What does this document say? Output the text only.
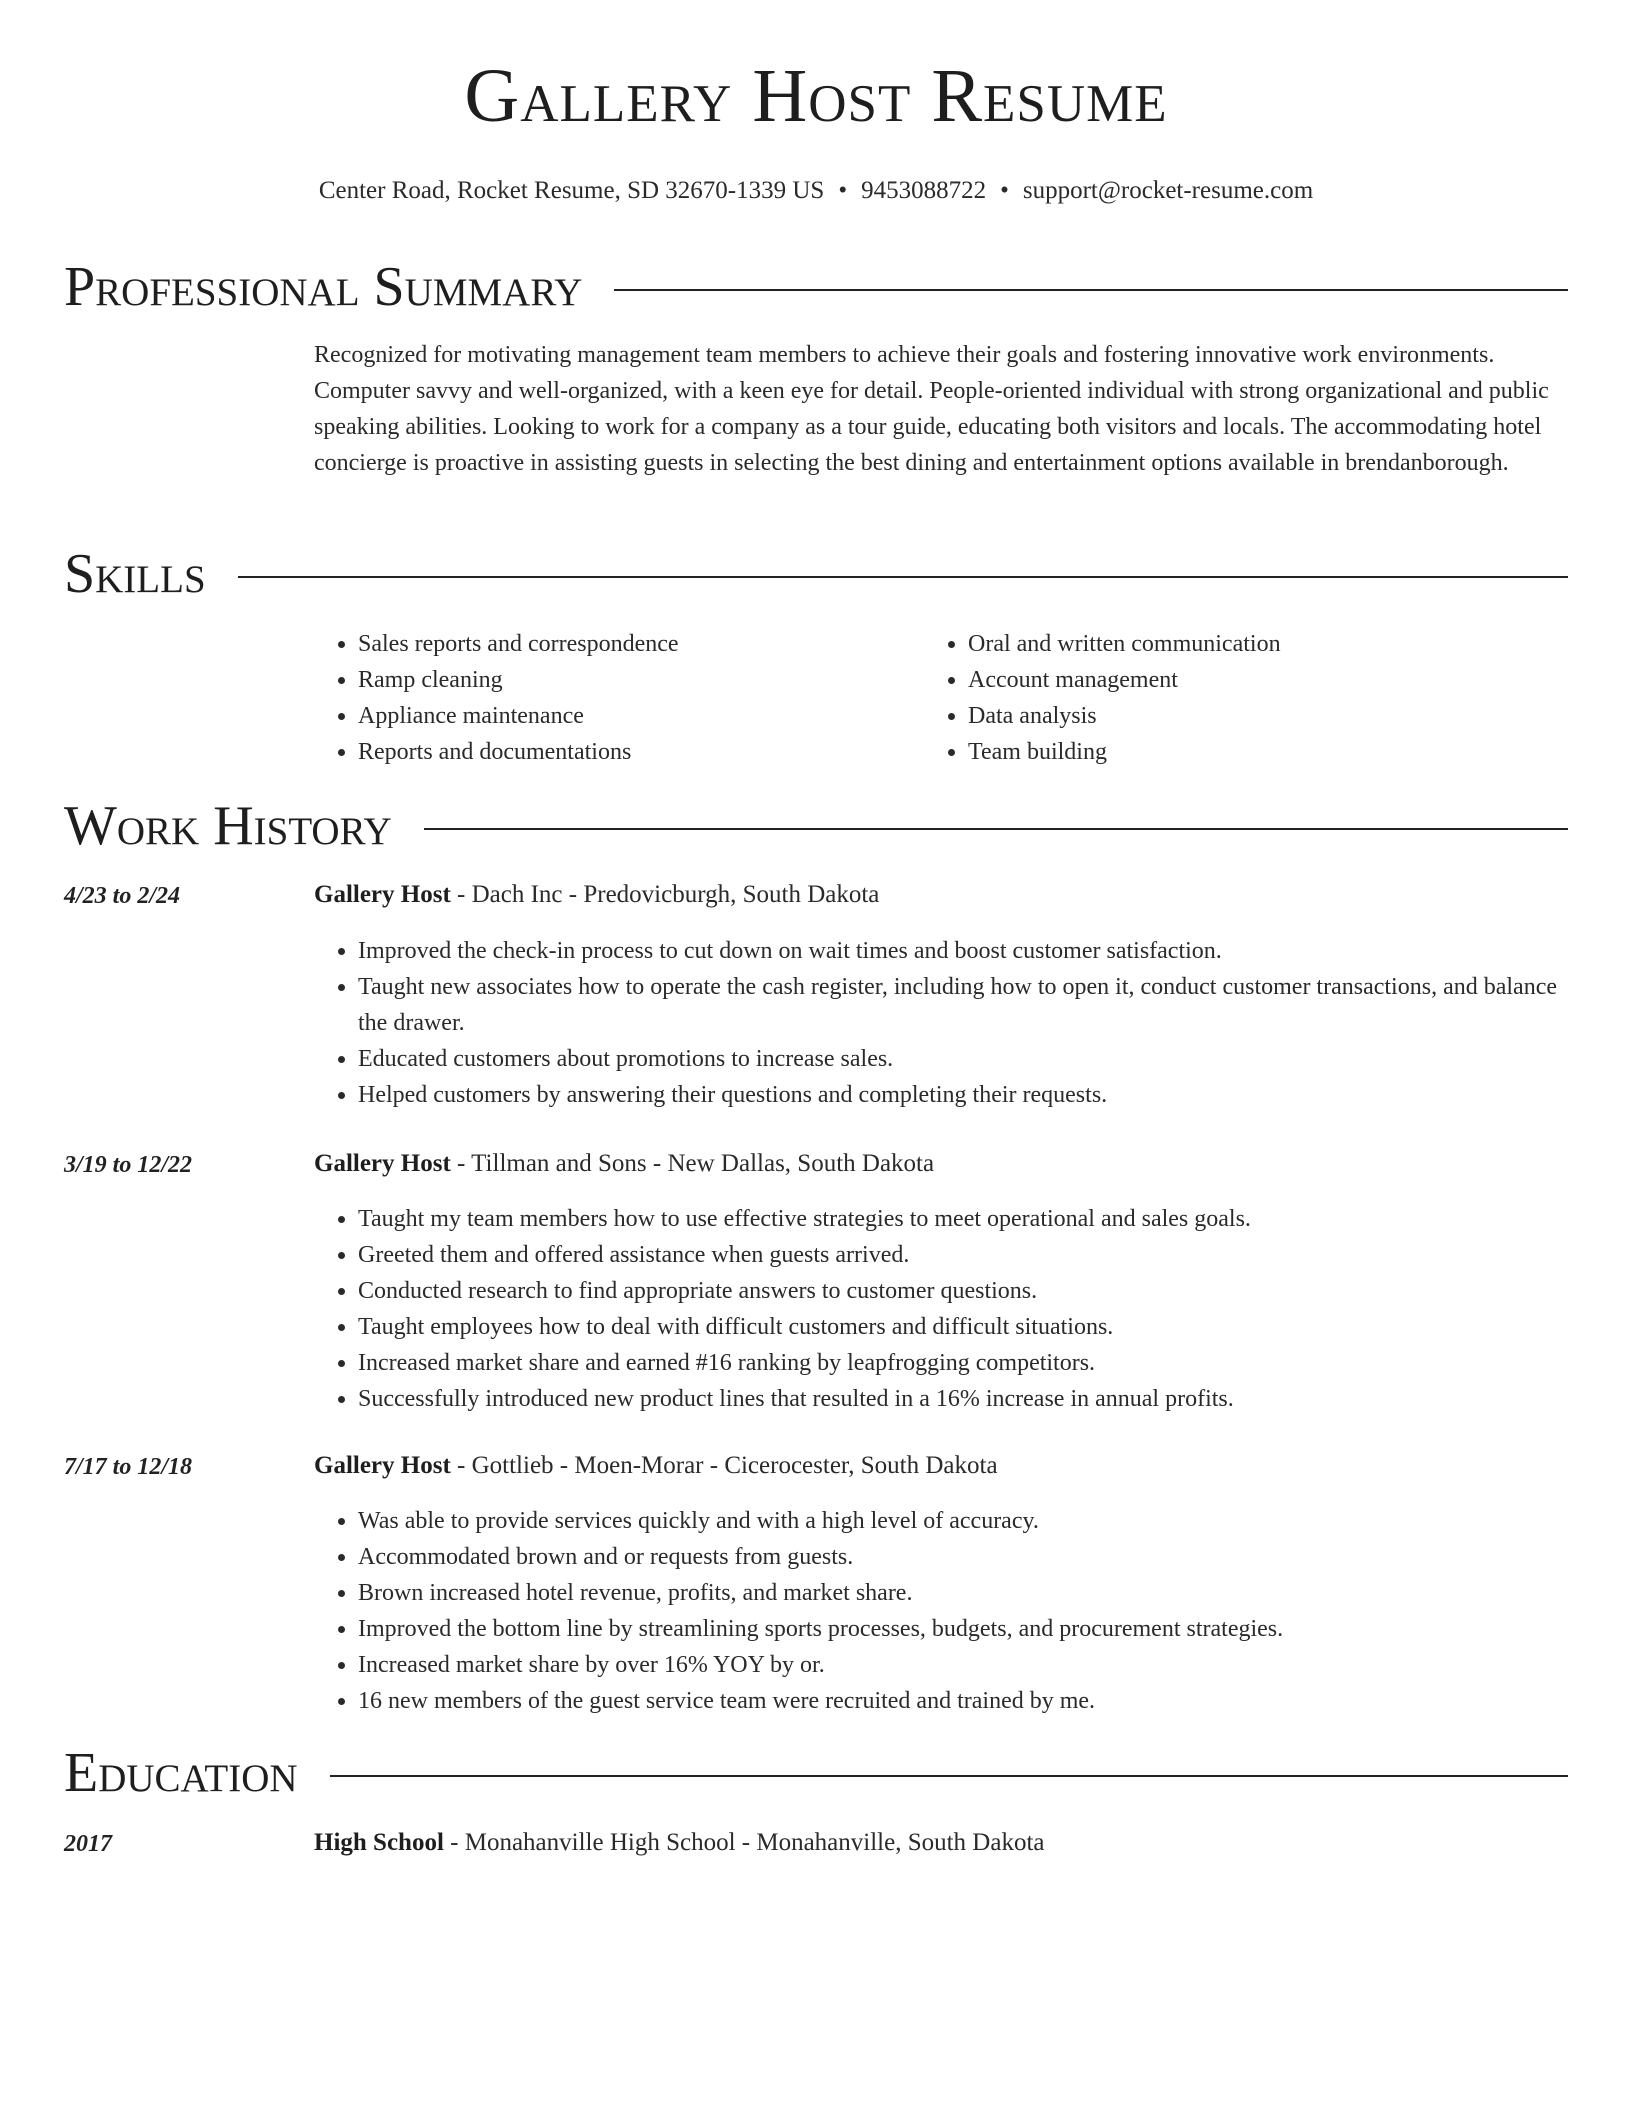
Gallery Host Resume
Center Road, Rocket Resume, SD 32670-1339 US • 9453088722 • support@rocket-resume.com
Professional Summary

Recognized for motivating management team members to achieve their goals and fostering innovative work environments. Computer savvy and well-organized, with a keen eye for detail. People-oriented individual with strong organizational and public speaking abilities. Looking to work for a company as a tour guide, educating both visitors and locals. The accommodating hotel concierge is proactive in assisting guests in selecting the best dining and entertainment options available in brendanborough.

Skills
• Sales reports and correspondence
• Ramp cleaning
• Appliance maintenance
• Reports and documentations
• Oral and written communication
• Account management
• Data analysis
• Team building
Work History
4/23 to 2/24	Gallery Host - Dach Inc - Predovicburgh, South Dakota
• Improved the check-in process to cut down on wait times and boost customer satisfaction.
• Taught new associates how to operate the cash register, including how to open it, conduct customer transactions, and balance the drawer.
• Educated customers about promotions to increase sales.
• Helped customers by answering their questions and completing their requests.
3/19 to 12/22	Gallery Host - Tillman and Sons - New Dallas, South Dakota
• Taught my team members how to use effective strategies to meet operational and sales goals.
• Greeted them and offered assistance when guests arrived.
• Conducted research to find appropriate answers to customer questions.
• Taught employees how to deal with difficult customers and difficult situations.
• Increased market share and earned #16 ranking by leapfrogging competitors.
• Successfully introduced new product lines that resulted in a 16% increase in annual profits.
7/17 to 12/18	Gallery Host - Gottlieb - Moen-Morar - Cicerocester, South Dakota
• Was able to provide services quickly and with a high level of accuracy.
• Accommodated brown and or requests from guests.
• Brown increased hotel revenue, profits, and market share.
• Improved the bottom line by streamlining sports processes, budgets, and procurement strategies.
• Increased market share by over 16% YOY by or.
• 16 new members of the guest service team were recruited and trained by me.
Education
2017	High School - Monahanville High School - Monahanville, South Dakota
